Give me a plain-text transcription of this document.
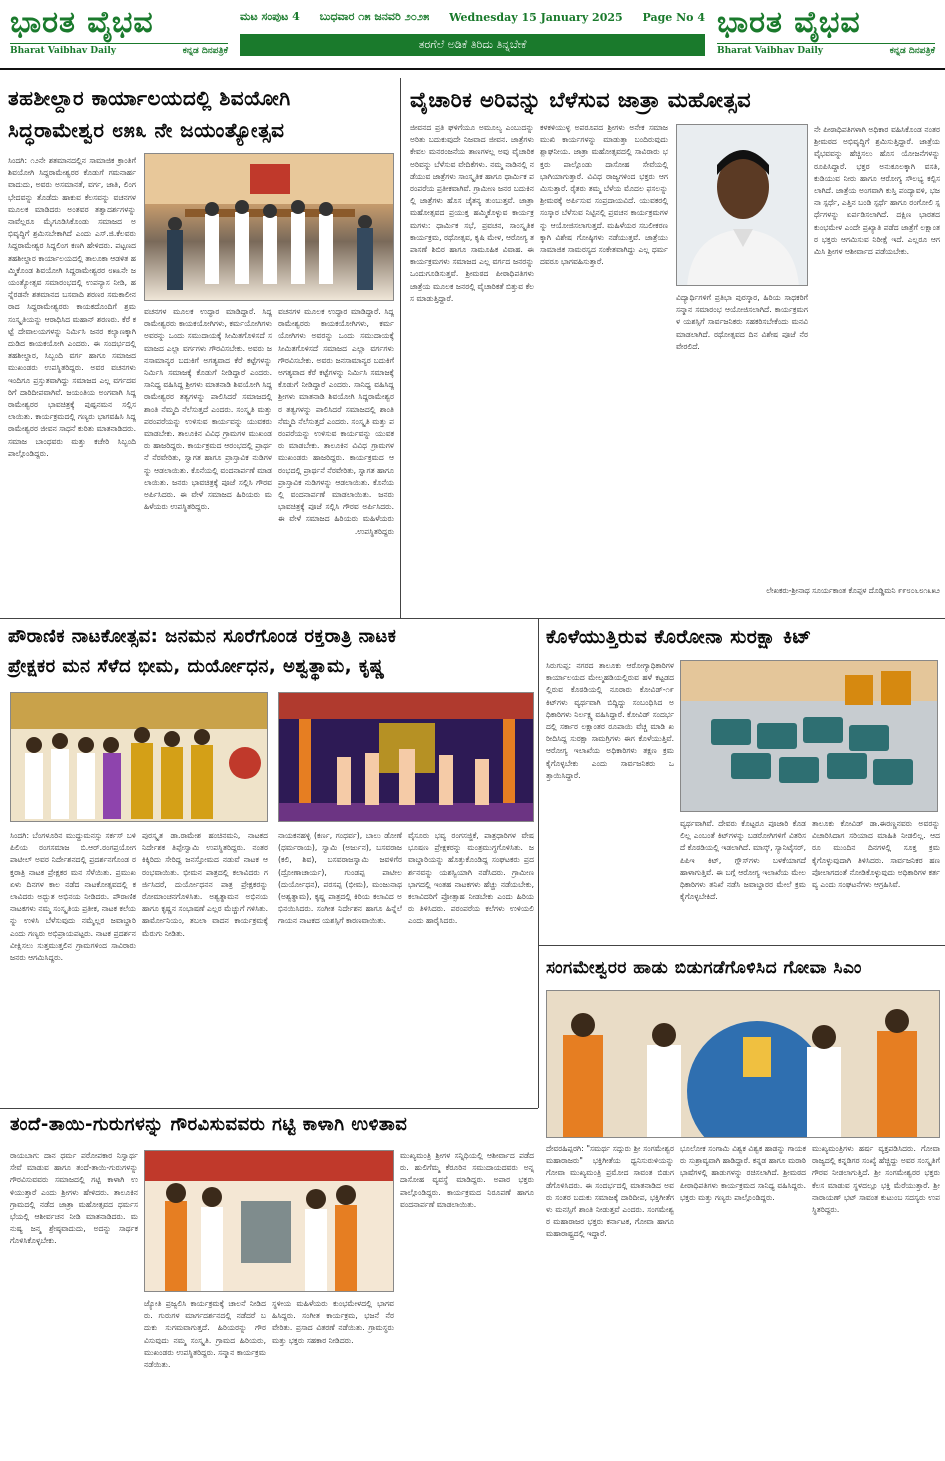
ಭಾರತ ವೈಭವ
Bharat Vaibhav Daily	ಕನ್ನಡ ದಿನಪತ್ರಿಕೆ
ಮಟ ಸಂಪುಟ 4 ಬುಧವಾರ ೧೫ ಜನವರಿ ೨೦೨೫ Wednesday 15 January 2025 Page No 4
ತರಗೆಲೆ ಅಡಿಕೆ ತಿರಿದು ತಿನ್ನಬೇಕೆ
ಭಾರತ ವೈಭವ
Bharat Vaibhav Daily	ಕನ್ನಡ ದಿನಪತ್ರಿಕೆ
ತಹಶೀಲ್ದಾರ ಕಾರ್ಯಾಲಯದಲ್ಲಿ ಶಿವಯೋಗಿ
ಸಿದ್ಧರಾಮೇಶ್ವರ ೮೫೩ ನೇ ಜಯಂತ್ಯೋತ್ಸವ
ಸಿಂದಗಿ: ೧೨ನೇ ಶತಮಾನದಲ್ಲಿನ ಸಾಮಾಜಿಕ ಕ್ರಾಂತಿಗೆ ಶಿವಯೋಗಿ ಸಿದ್ದರಾಮೇಶ್ವರರ ಕೊಡುಗೆ ಗಮನಾರ್ಹವಾದುದು, ಅವರು ಅಸಮಾನತೆ, ವರ್ಗ, ಜಾತಿ, ಲಿಂಗಭೇದವನ್ನು ತೊಡೆದು ಹಾಕುವ ಕೆಲಸವನ್ನು ವಚನಗಳ ಮೂಲಕ ಮಾಡಿದರು ಅಂತವರ ತತ್ವಾದರ್ಶಗಳನ್ನು ನಾವೆಲ್ಲರೂ ಮೈಗೂಡಿಸಿಕೊಂಡು ಸಮಾಜದ ಅಭಿವೃದ್ಧಿಗೆ ಶ್ರಮಿಸಬೇಕಾಗಿದೆ ಎಂದು ಎಸ್.ಜಿ.ಕೆಲವರು ಸಿದ್ದರಾಮೇಶ್ವರ ಸಿದ್ದಲಿಂಗ ಕಣಗಿ ಹೇಳಿದರು. ಪಟ್ಟಣದ ತಹಶೀಲ್ದಾರ ಕಾರ್ಯಾಲಯದಲ್ಲಿ ತಾಲೂಕಾ ಆಡಳಿತ ಹಮ್ಮಿಕೊಂಡ ಶಿವಯೋಗಿ ಸಿದ್ದರಾಮೇಶ್ವರರ ೮೫೩ನೇ ಜಯಂತ್ಯೋತ್ಸವ ಸಮಾರಂಭದಲ್ಲಿ ಉಪನ್ಯಾಸ ನೀಡಿ, ಹನ್ನೆರಡನೇ ಶತಮಾನದ ಬಸವಾದಿ ಶರಣರ ಸಮಕಾಲೀನರಾದ ಸಿದ್ದರಾಮೇಶ್ವರರು ಕಾಯಕದೊಂದಿಗೆ ಶ್ರಮ ಸಂಸ್ಕೃತಿಯನ್ನು ಆರಾಧಿಸಿದ ಮಹಾನ್ ಶರಣರು. ಕೆರೆ ಕಟ್ಟೆ ದೇವಾಲಯಗಳನ್ನು ನಿರ್ಮಿಸಿ ಜನರ ಕಲ್ಯಾಣಕ್ಕಾಗಿ ದುಡಿದ ಕಾಯಕಯೋಗಿ ಎಂದರು. ಈ ಸಂದರ್ಭದಲ್ಲಿ ತಹಶೀಲ್ದಾರ, ಸಿಬ್ಬಂದಿ ವರ್ಗ ಹಾಗೂ ಸಮಾಜದ ಮುಖಂಡರು ಉಪಸ್ಥಿತರಿದ್ದರು. ಅವರ ವಚನಗಳು ಇಂದಿಗೂ ಪ್ರಸ್ತುತವಾಗಿದ್ದು ಸಮಾಜದ ಎಲ್ಲ ವರ್ಗದವರಿಗೆ ದಾರಿದೀಪವಾಗಿವೆ. ಜಯಂತಿಯ ಅಂಗವಾಗಿ ಸಿದ್ದರಾಮೇಶ್ವರರ ಭಾವಚಿತ್ರಕ್ಕೆ ಪುಷ್ಪನಮನ ಸಲ್ಲಿಸಲಾಯಿತು. ಕಾರ್ಯಕ್ರಮದಲ್ಲಿ ಗಣ್ಯರು ಭಾಗವಹಿಸಿ ಸಿದ್ದರಾಮೇಶ್ವರರ ಜೀವನ ಸಾಧನೆ ಕುರಿತು ಮಾತನಾಡಿದರು. ಸಮಾಜ ಬಾಂಧವರು ಮತ್ತು ಕಚೇರಿ ಸಿಬ್ಬಂದಿ ಪಾಲ್ಗೊಂಡಿದ್ದರು.
ವಚನಗಳ ಮೂಲಕ ಉದ್ಧಾರ ಮಾಡಿದ್ದಾರೆ. ಸಿದ್ದರಾಮೇಶ್ವರರು ಕಾಯಕಯೋಗಿಗಳು, ಕರ್ಮಯೋಗಿಗಳು ಅವರನ್ನು ಒಂದು ಸಮುದಾಯಕ್ಕೆ ಸೀಮಿತಗೊಳಿಸದೆ ಸಮಾಜದ ಎಲ್ಲಾ ವರ್ಗಗಳು ಗೌರವಿಸಬೇಕು. ಅವರು ಜನಸಾಮಾನ್ಯರ ಬದುಕಿಗೆ ಅಗತ್ಯವಾದ ಕೆರೆ ಕಟ್ಟೆಗಳನ್ನು ನಿರ್ಮಿಸಿ ಸಮಾಜಕ್ಕೆ ಕೊಡುಗೆ ನೀಡಿದ್ದಾರೆ ಎಂದರು. ಸಾನಿಧ್ಯ ವಹಿಸಿದ್ದ ಶ್ರೀಗಳು ಮಾತನಾಡಿ ಶಿವಯೋಗಿ ಸಿದ್ದರಾಮೇಶ್ವರರ ತತ್ವಗಳನ್ನು ಪಾಲಿಸಿದರೆ ಸಮಾಜದಲ್ಲಿ ಶಾಂತಿ ನೆಮ್ಮದಿ ನೆಲೆಸುತ್ತದೆ ಎಂದರು. ಸಂಸ್ಕೃತಿ ಮತ್ತು ಪರಂಪರೆಯನ್ನು ಉಳಿಸುವ ಕಾರ್ಯವನ್ನು ಯುವಕರು ಮಾಡಬೇಕು. ತಾಲೂಕಿನ ವಿವಿಧ ಗ್ರಾಮಗಳ ಮುಖಂಡರು ಹಾಜರಿದ್ದರು. ಕಾರ್ಯಕ್ರಮದ ಆರಂಭದಲ್ಲಿ ಪ್ರಾರ್ಥನೆ ನೆರವೇರಿತು, ಸ್ವಾಗತ ಹಾಗೂ ಪ್ರಾಸ್ತಾವಿಕ ನುಡಿಗಳನ್ನು ಆಡಲಾಯಿತು. ಕೊನೆಯಲ್ಲಿ ವಂದನಾರ್ಪಣೆ ಮಾಡಲಾಯಿತು. ಜನರು ಭಾವಚಿತ್ರಕ್ಕೆ ಪೂಜೆ ಸಲ್ಲಿಸಿ ಗೌರವ ಅರ್ಪಿಸಿದರು. ಈ ವೇಳೆ ಸಮಾಜದ ಹಿರಿಯರು ಮಹಿಳೆಯರು ಉಪಸ್ಥಿತರಿದ್ದರು.
ವಚನಗಳ ಮೂಲಕ ಉದ್ಧಾರ ಮಾಡಿದ್ದಾರೆ. ಸಿದ್ದರಾಮೇಶ್ವರರು ಕಾಯಕಯೋಗಿಗಳು, ಕರ್ಮಯೋಗಿಗಳು ಅವರನ್ನು ಒಂದು ಸಮುದಾಯಕ್ಕೆ ಸೀಮಿತಗೊಳಿಸದೆ ಸಮಾಜದ ಎಲ್ಲಾ ವರ್ಗಗಳು ಗೌರವಿಸಬೇಕು. ಅವರು ಜನಸಾಮಾನ್ಯರ ಬದುಕಿಗೆ ಅಗತ್ಯವಾದ ಕೆರೆ ಕಟ್ಟೆಗಳನ್ನು ನಿರ್ಮಿಸಿ ಸಮಾಜಕ್ಕೆ ಕೊಡುಗೆ ನೀಡಿದ್ದಾರೆ ಎಂದರು. ಸಾನಿಧ್ಯ ವಹಿಸಿದ್ದ ಶ್ರೀಗಳು ಮಾತನಾಡಿ ಶಿವಯೋಗಿ ಸಿದ್ದರಾಮೇಶ್ವರರ ತತ್ವಗಳನ್ನು ಪಾಲಿಸಿದರೆ ಸಮಾಜದಲ್ಲಿ ಶಾಂತಿ ನೆಮ್ಮದಿ ನೆಲೆಸುತ್ತದೆ ಎಂದರು. ಸಂಸ್ಕೃತಿ ಮತ್ತು ಪರಂಪರೆಯನ್ನು ಉಳಿಸುವ ಕಾರ್ಯವನ್ನು ಯುವಕರು ಮಾಡಬೇಕು. ತಾಲೂಕಿನ ವಿವಿಧ ಗ್ರಾಮಗಳ ಮುಖಂಡರು ಹಾಜರಿದ್ದರು. ಕಾರ್ಯಕ್ರಮದ ಆರಂಭದಲ್ಲಿ ಪ್ರಾರ್ಥನೆ ನೆರವೇರಿತು, ಸ್ವಾಗತ ಹಾಗೂ ಪ್ರಾಸ್ತಾವಿಕ ನುಡಿಗಳನ್ನು ಆಡಲಾಯಿತು. ಕೊನೆಯಲ್ಲಿ ವಂದನಾರ್ಪಣೆ ಮಾಡಲಾಯಿತು. ಜನರು ಭಾವಚಿತ್ರಕ್ಕೆ ಪೂಜೆ ಸಲ್ಲಿಸಿ ಗೌರವ ಅರ್ಪಿಸಿದರು. ಈ ವೇಳೆ ಸಮಾಜದ ಹಿರಿಯರು ಮಹಿಳೆಯರು ಉಪಸ್ಥಿತರಿದ್ದರು.
ವೈಚಾರಿಕ ಅರಿವನ್ನು ಬೆಳೆಸುವ ಜಾತ್ರಾ ಮಹೋತ್ಸವ
ಜೀವನದ ಪ್ರತಿ ಘಳಿಗೆಯೂ ಅಮೂಲ್ಯ ಎಂಬುದನ್ನು ಅರಿತು ಬದುಕುವುದೇ ನಿಜವಾದ ಜೀವನ. ಜಾತ್ರೆಗಳು ಕೇವಲ ಮನರಂಜನೆಯ ತಾಣಗಳಲ್ಲ ಅವು ವೈಚಾರಿಕ ಅರಿವನ್ನು ಬೆಳೆಸುವ ವೇದಿಕೆಗಳು. ನಮ್ಮ ನಾಡಿನಲ್ಲಿ ನಡೆಯುವ ಜಾತ್ರೆಗಳು ಸಾಂಸ್ಕೃತಿಕ ಹಾಗೂ ಧಾರ್ಮಿಕ ಪರಂಪರೆಯ ಪ್ರತೀಕವಾಗಿವೆ. ಗ್ರಾಮೀಣ ಜನರ ಬದುಕಿನಲ್ಲಿ ಜಾತ್ರೆಗಳು ಹೊಸ ಚೈತನ್ಯ ತುಂಬುತ್ತವೆ. ಜಾತ್ರಾ ಮಹೋತ್ಸವದ ಪ್ರಯುಕ್ತ ಹಮ್ಮಿಕೊಳ್ಳುವ ಕಾರ್ಯಕ್ರಮಗಳು: ಧಾರ್ಮಿಕ ಸಭೆ, ಪ್ರವಚನ, ಸಾಂಸ್ಕೃತಿಕ ಕಾರ್ಯಕ್ರಮ, ರಥೋತ್ಸವ, ಕೃಷಿ ಮೇಳ, ಆರೋಗ್ಯ ತಪಾಸಣೆ ಶಿಬಿರ ಹಾಗೂ ಸಾಮೂಹಿಕ ವಿವಾಹ. ಈ ಕಾರ್ಯಕ್ರಮಗಳು ಸಮಾಜದ ಎಲ್ಲ ವರ್ಗದ ಜನರನ್ನು ಒಂದುಗೂಡಿಸುತ್ತವೆ. ಶ್ರೀಮಠದ ಪೀಠಾಧಿಪತಿಗಳು ಜಾತ್ರೆಯ ಮೂಲಕ ಜನರಲ್ಲಿ ವೈಚಾರಿಕತೆ ಬಿತ್ತುವ ಕೆಲಸ ಮಾಡುತ್ತಿದ್ದಾರೆ.
ಕಳಕಳಿಯುಳ್ಳ ಅಪರೂಪದ ಶ್ರೀಗಳು ಅನೇಕ ಸಮಾಜಮುಖಿ ಕಾರ್ಯಗಳನ್ನು ಮಾಡುತ್ತಾ ಬಂದಿರುವುದು ಶ್ಲಾಘನೀಯ. ಜಾತ್ರಾ ಮಹೋತ್ಸವದಲ್ಲಿ ಸಾವಿರಾರು ಭಕ್ತರು ಪಾಲ್ಗೊಂಡು ದಾಸೋಹ ಸೇವೆಯಲ್ಲಿ ಭಾಗಿಯಾಗುತ್ತಾರೆ. ವಿವಿಧ ರಾಜ್ಯಗಳಿಂದ ಭಕ್ತರು ಆಗಮಿಸುತ್ತಾರೆ. ರೈತರು ತಮ್ಮ ಬೆಳೆಯ ಮೊದಲ ಫಸಲನ್ನು ಶ್ರೀಮಠಕ್ಕೆ ಅರ್ಪಿಸುವ ಸಂಪ್ರದಾಯವಿದೆ. ಯುವಕರಲ್ಲಿ ಸಂಸ್ಕಾರ ಬೆಳೆಸುವ ನಿಟ್ಟಿನಲ್ಲಿ ಪ್ರವಚನ ಕಾರ್ಯಕ್ರಮಗಳನ್ನು ಆಯೋಜಿಸಲಾಗುತ್ತದೆ. ಮಹಿಳೆಯರ ಸಬಲೀಕರಣಕ್ಕಾಗಿ ವಿಶೇಷ ಗೋಷ್ಠಿಗಳು ನಡೆಯುತ್ತವೆ. ಜಾತ್ರೆಯು ಸಾಮಾಜಿಕ ಸಾಮರಸ್ಯದ ಸಂಕೇತವಾಗಿದ್ದು ಎಲ್ಲ ಧರ್ಮದವರೂ ಭಾಗವಹಿಸುತ್ತಾರೆ.
ವಿದ್ಯಾರ್ಥಿಗಳಿಗೆ ಪ್ರತಿಭಾ ಪುರಸ್ಕಾರ, ಹಿರಿಯ ಸಾಧಕರಿಗೆ ಸನ್ಮಾನ ಸಮಾರಂಭ ಆಯೋಜಿಸಲಾಗಿದೆ. ಕಾರ್ಯಕ್ರಮಗಳ ಯಶಸ್ಸಿಗೆ ಸಾರ್ವಜನಿಕರು ಸಹಕರಿಸಬೇಕೆಂದು ಮನವಿ ಮಾಡಲಾಗಿದೆ. ರಥೋತ್ಸವದ ದಿನ ವಿಶೇಷ ಪೂಜೆ ನೆರವೇರಲಿದೆ.
ನೇ ಪೀಠಾಧಿಪತಿಗಳಾಗಿ ಅಧಿಕಾರ ವಹಿಸಿಕೊಂಡ ನಂತರ ಶ್ರೀಮಠದ ಅಭಿವೃದ್ಧಿಗೆ ಶ್ರಮಿಸುತ್ತಿದ್ದಾರೆ. ಜಾತ್ರೆಯ ವೈಭವವನ್ನು ಹೆಚ್ಚಿಸಲು ಹೊಸ ಯೋಜನೆಗಳನ್ನು ರೂಪಿಸಿದ್ದಾರೆ. ಭಕ್ತರ ಅನುಕೂಲಕ್ಕಾಗಿ ವಸತಿ, ಕುಡಿಯುವ ನೀರು ಹಾಗೂ ಆರೋಗ್ಯ ಸೌಲಭ್ಯ ಕಲ್ಪಿಸಲಾಗಿದೆ. ಜಾತ್ರೆಯ ಅಂಗವಾಗಿ ಕುಸ್ತಿ ಪಂದ್ಯಾವಳಿ, ಭಜನಾ ಸ್ಪರ್ಧೆ, ಎತ್ತಿನ ಬಂಡಿ ಸ್ಪರ್ಧೆ ಹಾಗೂ ರಂಗೋಲಿ ಸ್ಪರ್ಧೆಗಳನ್ನು ಏರ್ಪಡಿಸಲಾಗಿದೆ. ದಕ್ಷಿಣ ಭಾರತದ ಕುಂಭಮೇಳ ಎಂದೇ ಪ್ರಖ್ಯಾತಿ ಪಡೆದ ಜಾತ್ರೆಗೆ ಲಕ್ಷಾಂತರ ಭಕ್ತರು ಆಗಮಿಸುವ ನಿರೀಕ್ಷೆ ಇದೆ. ಎಲ್ಲರೂ ಆಗಮಿಸಿ ಶ್ರೀಗಳ ಆಶೀರ್ವಾದ ಪಡೆಯಬೇಕು.
ಲೇಖಕರು-ಶ್ರೀನಾಥ ಸೂರ್ಯಕಾಂತ ಕೊಪ್ಪಳ ದೊಡ್ಡಿಮನಿ ೯೯೮೦೬೮೧೩೫೨
ಪೌರಾಣಿಕ ನಾಟಕೋತ್ಸವ: ಜನಮನ ಸೂರೆಗೊಂಡ ರಕ್ತರಾತ್ರಿ ನಾಟಕ
ಪ್ರೇಕ್ಷಕರ ಮನ ಸೆಳೆದ ಭೀಮ, ದುರ್ಯೋಧನ, ಅಶ್ವತ್ಥಾಮ, ಕೃಷ್ಣ
ಸಿಂದಗಿ: ಬೆಂಗಳೂರಿನ ಮುದ್ದುಮನಸ್ಸು ಸರ್ಕಸ್ ಬಳಿ ಪಿಲಿಯ ರಂಗಸಮಾಜ ಬಿ.ಆರ್.ರಂಗಪ್ರಯೋಗ ಪಾಟೀಲ್ ಅವರ ನಿರ್ದೇಶನದಲ್ಲಿ ಪ್ರದರ್ಶನಗೊಂಡ ರಕ್ತರಾತ್ರಿ ನಾಟಕ ಪ್ರೇಕ್ಷಕರ ಮನ ಸೆಳೆಯಿತು. ಪ್ರಮುಖ ಏಳು ದಿನಗಳ ಕಾಲ ನಡೆದ ನಾಟಕೋತ್ಸವದಲ್ಲಿ ಕಲಾವಿದರು ಅದ್ಭುತ ಅಭಿನಯ ನೀಡಿದರು. ಪೌರಾಣಿಕ ನಾಟಕಗಳು ನಮ್ಮ ಸಂಸ್ಕೃತಿಯ ಪ್ರತೀಕ, ನಾಟಕ ಕಲೆಯನ್ನು ಉಳಿಸಿ ಬೆಳೆಸುವುದು ನಮ್ಮೆಲ್ಲರ ಜವಾಬ್ದಾರಿ ಎಂದು ಗಣ್ಯರು ಅಭಿಪ್ರಾಯಪಟ್ಟರು. ನಾಟಕ ಪ್ರದರ್ಶನ ವೀಕ್ಷಿಸಲು ಸುತ್ತಮುತ್ತಲಿನ ಗ್ರಾಮಗಳಿಂದ ಸಾವಿರಾರು ಜನರು ಆಗಮಿಸಿದ್ದರು.
ಪುರಸ್ಕೃತ ಡಾ.ರಾಮೇಶ ಹಂಚಿನಮನಿ, ನಾಟಕದ ನಿರ್ದೇಶಕ ತಿಪ್ಪೇಸ್ವಾಮಿ ಉಪಸ್ಥಿತರಿದ್ದರು. ನಂತರ ಕಿಕ್ಕಿರಿದು ಸೇರಿದ್ದ ಜನಸ್ತೋಮದ ನಡುವೆ ನಾಟಕ ಆರಂಭವಾಯಿತು. ಭೀಮನ ಪಾತ್ರದಲ್ಲಿ ಕಲಾವಿದರು ಗರ್ಜಿಸಿದರೆ, ದುರ್ಯೋಧನನ ಪಾತ್ರ ಪ್ರೇಕ್ಷಕರನ್ನು ರೋಮಾಂಚನಗೊಳಿಸಿತು. ಅಶ್ವತ್ಥಾಮನ ಅಭಿನಯ ಹಾಗೂ ಕೃಷ್ಣನ ಸಂಭಾಷಣೆ ಎಲ್ಲರ ಮೆಚ್ಚುಗೆ ಗಳಿಸಿತು. ಹಾರ್ಮೋನಿಯಂ, ತಬಲಾ ವಾದನ ಕಾರ್ಯಕ್ರಮಕ್ಕೆ ಮೆರುಗು ನೀಡಿತು.
ನಾಯಕನಹಳ್ಳಿ (ಕರ್ಣ, ಗಂಧರ್ವ), ಬಾಲು ಡೋಣೆ (ಧರ್ಮರಾಯ), ಸ್ವಾಮಿ (ಅರ್ಜುನ), ಬಸವರಾಜ (ಕಲಿ, ಶಿವ), ಬಸವರಾಜಸ್ವಾಮಿ ಜವಳಿಗೆರ (ದ್ರೋಣಾಚಾರ್ಯ), ಗುಂಡಪ್ಪ ಪಾಟೀಲ (ದುರ್ಯೋಧನ), ಪರಸಪ್ಪ (ಭೀಮ), ಮಂಜುನಾಥ (ಅಶ್ವತ್ಥಾಮ), ಕೃಷ್ಣ ಪಾತ್ರದಲ್ಲಿ ಕಿರಿಯ ಕಲಾವಿದ ಅಭಿನಯಿಸಿದರು. ಸಂಗೀತ ನಿರ್ದೇಶನ ಹಾಗೂ ಹಿನ್ನೆಲೆ ಗಾಯನ ನಾಟಕದ ಯಶಸ್ಸಿಗೆ ಕಾರಣವಾಯಿತು.
ವೈಸೂರು ಭವ್ಯ ರಂಗಸಜ್ಜಿಕೆ, ಪಾತ್ರಧಾರಿಗಳ ವೇಷಭೂಷಣ ಪ್ರೇಕ್ಷಕರನ್ನು ಮಂತ್ರಮುಗ್ಧಗೊಳಿಸಿತು. ಜವಾಬ್ದಾರಿಯನ್ನು ಹೊತ್ತುಕೊಂಡಿದ್ದ ಸಂಘಟಕರು ಪ್ರದರ್ಶನವನ್ನು ಯಶಸ್ವಿಯಾಗಿ ನಡೆಸಿದರು. ಗ್ರಾಮೀಣ ಭಾಗದಲ್ಲಿ ಇಂತಹ ನಾಟಕಗಳು ಹೆಚ್ಚು ನಡೆಯಬೇಕು, ಕಲಾವಿದರಿಗೆ ಪ್ರೋತ್ಸಾಹ ನೀಡಬೇಕು ಎಂದು ಹಿರಿಯರು ತಿಳಿಸಿದರು. ಪರಂಪರೆಯ ಕಲೆಗಳು ಉಳಿಯಲಿ ಎಂದು ಹಾರೈಸಿದರು.
ಕೊಳೆಯುತ್ತಿರುವ ಕೊರೋನಾ ಸುರಕ್ಷಾ ಕಿಟ್
ಸಿರುಗುಪ್ಪ: ನಗರದ ತಾಲೂಕು ಆರೋಗ್ಯಾಧಿಕಾರಿಗಳ ಕಾರ್ಯಾಲಯದ ಮೇಲ್ಮಹಡಿಯಲ್ಲಿರುವ ಹಳೆ ಕಟ್ಟಡದಲ್ಲಿರುವ ಕೊಠಡಿಯಲ್ಲಿ ನೂರಾರು ಕೋವಿಡ್-೧೯ ಕಿಟ್‌ಗಳು ವ್ಯರ್ಥವಾಗಿ ಬಿದ್ದಿದ್ದು ಸಂಬಂಧಿಸಿದ ಅಧಿಕಾರಿಗಳು ನಿರ್ಲಕ್ಷ್ಯ ವಹಿಸಿದ್ದಾರೆ. ಕೋವಿಡ್ ಸಂದರ್ಭದಲ್ಲಿ ಸರ್ಕಾರ ಲಕ್ಷಾಂತರ ರೂಪಾಯಿ ವೆಚ್ಚ ಮಾಡಿ ಖರೀದಿಸಿದ್ದ ಸುರಕ್ಷಾ ಸಾಮಗ್ರಿಗಳು ಈಗ ಕೊಳೆಯುತ್ತಿವೆ. ಆರೋಗ್ಯ ಇಲಾಖೆಯ ಅಧಿಕಾರಿಗಳು ತಕ್ಷಣ ಕ್ರಮ ಕೈಗೊಳ್ಳಬೇಕು ಎಂದು ಸಾರ್ವಜನಿಕರು ಒತ್ತಾಯಿಸಿದ್ದಾರೆ.
ವ್ಯರ್ಥವಾಗಿವೆ. ದೇವರು ಕೊಟ್ಟರೂ ಪೂಜಾರಿ ಕೊಡಲಿಲ್ಲ ಎಂಬಂತೆ ಕಿಟ್‌ಗಳನ್ನು ಬಡರೋಗಿಗಳಿಗೆ ವಿತರಿಸದೆ ಕೊಠಡಿಯಲ್ಲಿ ಇಡಲಾಗಿದೆ. ಮಾಸ್ಕ್, ಸ್ಯಾನಿಟೈಸರ್, ಪಿಪಿಇ ಕಿಟ್, ಗ್ಲೌಸ್‌ಗಳು ಬಳಕೆಯಾಗದೆ ಹಾಳಾಗುತ್ತಿವೆ. ಈ ಬಗ್ಗೆ ಆರೋಗ್ಯ ಇಲಾಖೆಯ ಮೇಲಧಿಕಾರಿಗಳು ತನಿಖೆ ನಡೆಸಿ ಜವಾಬ್ದಾರರ ಮೇಲೆ ಕ್ರಮ ಕೈಗೊಳ್ಳಬೇಕಿದೆ.
ತಾಲೂಕು ಕೋವಿಡ್ ಡಾ.ಈರಣ್ಣನವರು ಅವರನ್ನು ವಿಚಾರಿಸಿದಾಗ ಸರಿಯಾದ ಮಾಹಿತಿ ನೀಡಲಿಲ್ಲ. ಆದರೂ ಮುಂದಿನ ದಿನಗಳಲ್ಲಿ ಸೂಕ್ತ ಕ್ರಮ ಕೈಗೊಳ್ಳುವುದಾಗಿ ತಿಳಿಸಿದರು. ಸಾರ್ವಜನಿಕರ ಹಣ ಪೋಲಾಗದಂತೆ ನೋಡಿಕೊಳ್ಳುವುದು ಅಧಿಕಾರಿಗಳ ಕರ್ತವ್ಯ ಎಂದು ಸಂಘಟನೆಗಳು ಆಗ್ರಹಿಸಿವೆ.
ಸಂಗಮೇಶ್ವರರ ಹಾಡು ಬಿಡುಗಡೆಗೊಳಿಸಿದ ಗೋವಾ ಸಿಎಂ
ದೇವರಹಿಪ್ಪರಗಿ: "ಸಮರ್ಥ ಸದ್ಗುರು ಶ್ರೀ ಸಂಗಮೇಶ್ವರ ಮಹಾರಾಜರು" ಭಕ್ತಿಗೀತೆಯ ಧ್ವನಿಸುರುಳಿಯನ್ನು ಗೋವಾ ಮುಖ್ಯಮಂತ್ರಿ ಪ್ರಮೋದ ಸಾವಂತ ಬಿಡುಗಡೆಗೊಳಿಸಿದರು. ಈ ಸಂದರ್ಭದಲ್ಲಿ ಮಾತನಾಡಿದ ಅವರು ಸಂತರ ಬದುಕು ಸಮಾಜಕ್ಕೆ ದಾರಿದೀಪ, ಭಕ್ತಿಗೀತೆಗಳು ಮನಸ್ಸಿಗೆ ಶಾಂತಿ ನೀಡುತ್ತವೆ ಎಂದರು. ಸಂಗಮೇಶ್ವರ ಮಹಾರಾಜರ ಭಕ್ತರು ಕರ್ನಾಟಕ, ಗೋವಾ ಹಾಗೂ ಮಹಾರಾಷ್ಟ್ರದಲ್ಲಿ ಇದ್ದಾರೆ.
ಭೂಲೋಕ ಸಂಗಾಮಿ ವಿಶ್ವಕ ವಿಶ್ವಕ ಹಾಡನ್ನು ಗಾಯಕರು ಸುಶ್ರಾವ್ಯವಾಗಿ ಹಾಡಿದ್ದಾರೆ. ಕನ್ನಡ ಹಾಗೂ ಮರಾಠಿ ಭಾಷೆಗಳಲ್ಲಿ ಹಾಡುಗಳನ್ನು ರಚಿಸಲಾಗಿದೆ. ಶ್ರೀಮಠದ ಪೀಠಾಧಿಪತಿಗಳು ಕಾರ್ಯಕ್ರಮದ ಸಾನಿಧ್ಯ ವಹಿಸಿದ್ದರು. ಭಕ್ತರು ಮತ್ತು ಗಣ್ಯರು ಪಾಲ್ಗೊಂಡಿದ್ದರು.
ಮುಖ್ಯಮಂತ್ರಿಗಳು ಹರ್ಷ ವ್ಯಕ್ತಪಡಿಸಿದರು. ಗೋವಾ ರಾಜ್ಯದಲ್ಲಿ ಕನ್ನಡಿಗರ ಸಂಖ್ಯೆ ಹೆಚ್ಚಿದ್ದು ಅವರ ಸಂಸ್ಕೃತಿಗೆ ಗೌರವ ನೀಡಲಾಗುತ್ತಿದೆ. ಶ್ರೀ ಸಂಗಮೇಶ್ವರರ ಭಕ್ತರು ಕೆಲಸ ಮಾಡುವ ಸ್ಥಳದಲ್ಲೂ ಭಕ್ತಿ ಮೆರೆಯುತ್ತಾರೆ. ಶ್ರೀ ನಾರಾಯಣ್ ಭಟ್ ಸಾವಂತ ಕುಟುಂಬ ಸದಸ್ಯರು ಉಪಸ್ಥಿತರಿದ್ದರು.
ತಂದೆ-ತಾಯಿ-ಗುರುಗಳನ್ನು ಗೌರವಿಸುವವರು ಗಟ್ಟಿ ಕಾಳಾಗಿ ಉಳಿತಾವ
ರಾಯಬಾಗ: ದಾನ ಧರ್ಮ ಪರೋಪಕಾರ ನಿಸ್ವಾರ್ಥ ಸೇವೆ ಮಾಡುವ ಹಾಗೂ ತಂದೆ-ತಾಯಿ-ಗುರುಗಳನ್ನು ಗೌರವಿಸುವವರು ಸಮಾಜದಲ್ಲಿ ಗಟ್ಟಿ ಕಾಳಾಗಿ ಉಳಿಯುತ್ತಾರೆ ಎಂದು ಶ್ರೀಗಳು ಹೇಳಿದರು. ತಾಲೂಕಿನ ಗ್ರಾಮದಲ್ಲಿ ನಡೆದ ಜಾತ್ರಾ ಮಹೋತ್ಸವದ ಧರ್ಮಸಭೆಯಲ್ಲಿ ಆಶೀರ್ವಚನ ನೀಡಿ ಮಾತನಾಡಿದರು. ಮನುಷ್ಯ ಜನ್ಮ ಶ್ರೇಷ್ಠವಾದುದು, ಅದನ್ನು ಸಾರ್ಥಕಗೊಳಿಸಿಕೊಳ್ಳಬೇಕು.
ಜ್ಯೋತಿ ಪ್ರಜ್ವಲಿಸಿ ಕಾರ್ಯಕ್ರಮಕ್ಕೆ ಚಾಲನೆ ನೀಡಿದರು. ಗುರುಗಳ ಮಾರ್ಗದರ್ಶನದಲ್ಲಿ ನಡೆದರೆ ಬದುಕು ಸುಗಮವಾಗುತ್ತದೆ. ಹಿರಿಯರನ್ನು ಗೌರವಿಸುವುದು ನಮ್ಮ ಸಂಸ್ಕೃತಿ. ಗ್ರಾಮದ ಹಿರಿಯರು, ಮುಖಂಡರು ಉಪಸ್ಥಿತರಿದ್ದರು. ಸನ್ಮಾನ ಕಾರ್ಯಕ್ರಮ ನಡೆಯಿತು.
ಸ್ಥಳೀಯ ಮಹಿಳೆಯರು ಕುಂಭಮೇಳದಲ್ಲಿ ಭಾಗವಹಿಸಿದ್ದರು. ಸಂಗೀತ ಕಾರ್ಯಕ್ರಮ, ಭಜನೆ ನೆರವೇರಿತು. ಪ್ರಸಾದ ವಿತರಣೆ ನಡೆಯಿತು. ಗ್ರಾಮಸ್ಥರು ಮತ್ತು ಭಕ್ತರು ಸಹಕಾರ ನೀಡಿದರು.
ಮುಖ್ಯಮಂತ್ರಿ ಶ್ರೀಗಳ ಸನ್ನಿಧಿಯಲ್ಲಿ ಆಶೀರ್ವಾದ ಪಡೆದರು. ಹುಲಿಗೆಮ್ಮ ಕೆರೂರಿನ ಸಮುದಾಯದವರು ಅನ್ನದಾಸೋಹ ವ್ಯವಸ್ಥೆ ಮಾಡಿದ್ದರು. ಅಪಾರ ಭಕ್ತರು ಪಾಲ್ಗೊಂಡಿದ್ದರು. ಕಾರ್ಯಕ್ರಮದ ನಿರೂಪಣೆ ಹಾಗೂ ವಂದನಾರ್ಪಣೆ ಮಾಡಲಾಯಿತು.
